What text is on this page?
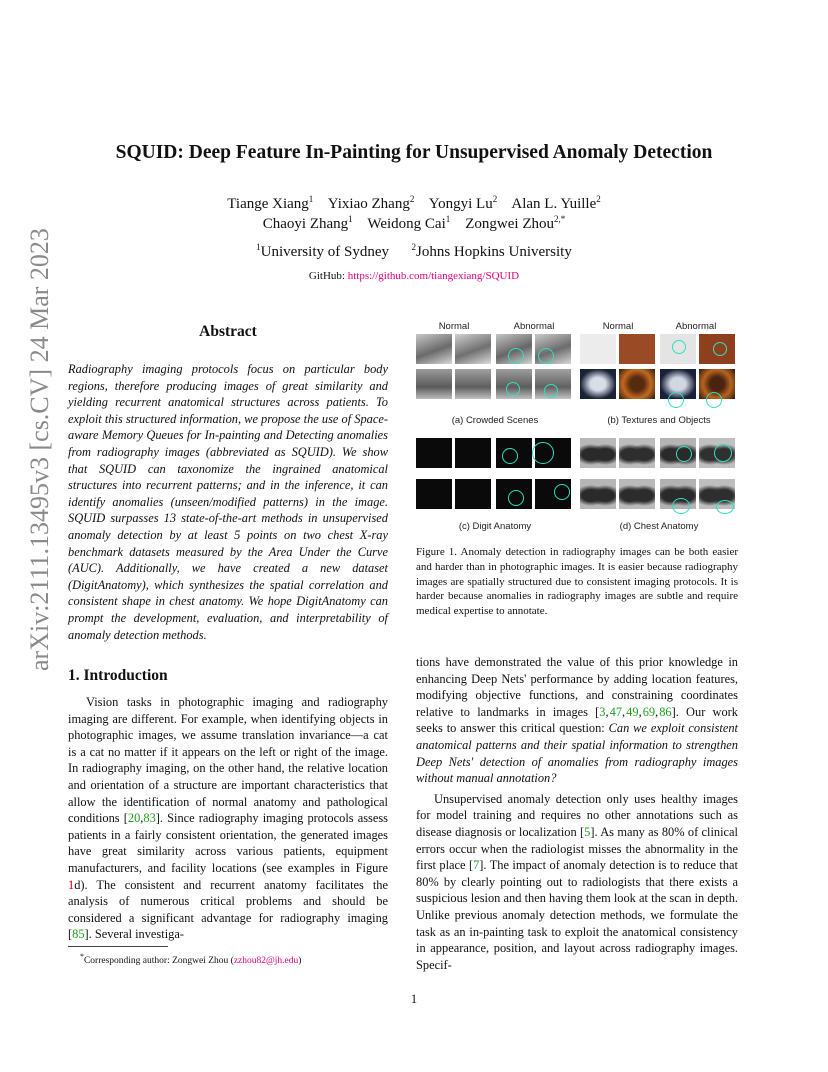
arXiv:2111.13495v3 [cs.CV] 24 Mar 2023
SQUID: Deep Feature In-Painting for Unsupervised Anomaly Detection
Tiange Xiang$^1$ Yixiao Zhang$^2$ Yongyi Lu$^2$ Alan L. Yuille$^2$
Chaoyi Zhang$^1$ Weidong Cai$^1$ Zongwei Zhou$^{2,*}$
$^1$University of Sydney	$^2$Johns Hopkins University
GitHub: https://github.com/tiangexiang/SQUID
Abstract
Radiography imaging protocols focus on particular body regions, therefore producing images of great similarity and yielding recurrent anatomical structures across patients. To exploit this structured information, we propose the use of Space-aware Memory Queues for In-painting and Detecting anomalies from radiography images (abbreviated as SQUID). We show that SQUID can taxonomize the ingrained anatomical structures into recurrent patterns; and in the inference, it can identify anomalies (unseen/modified patterns) in the image. SQUID surpasses 13 state-of-the-art methods in unsupervised anomaly detection by at least 5 points on two chest X-ray benchmark datasets measured by the Area Under the Curve (AUC). Additionally, we have created a new dataset (DigitAnatomy), which synthesizes the spatial correlation and consistent shape in chest anatomy. We hope DigitAnatomy can prompt the development, evaluation, and interpretability of anomaly detection methods.
Normal	Abnormal	Normal	Abnormal
(a) Crowded Scenes	(b) Textures and Objects
(c) Digit Anatomy	(d) Chest Anatomy
Figure 1. Anomaly detection in radiography images can be both easier and harder than in photographic images. It is easier because radiography images are spatially structured due to consistent imaging protocols. It is harder because anomalies in radiography images are subtle and require medical expertise to annotate.
1. Introduction
Vision tasks in photographic imaging and radiography imaging are different. For example, when identifying objects in photographic images, we assume translation invariance—a cat is a cat no matter if it appears on the left or right of the image. In radiography imaging, on the other hand, the relative location and orientation of a structure are important characteristics that allow the identification of normal anatomy and pathological conditions [20,83]. Since radiography imaging protocols assess patients in a fairly consistent orientation, the generated images have great similarity across various patients, equipment manufacturers, and facility locations (see examples in Figure 1d). The consistent and recurrent anatomy facilitates the analysis of numerous critical problems and should be considered a significant advantage for radiography imaging [85]. Several investiga-
tions have demonstrated the value of this prior knowledge in enhancing Deep Nets' performance by adding location features, modifying objective functions, and constraining coordinates relative to landmarks in images [3, 47, 49, 69, 86]. Our work seeks to answer this critical question: Can we exploit consistent anatomical patterns and their spatial information to strengthen Deep Nets' detection of anomalies from radiography images without manual annotation?
Unsupervised anomaly detection only uses healthy images for model training and requires no other annotations such as disease diagnosis or localization [5]. As many as 80% of clinical errors occur when the radiologist misses the abnormality in the first place [7]. The impact of anomaly detection is to reduce that 80% by clearly pointing out to radiologists that there exists a suspicious lesion and then having them look at the scan in depth. Unlike previous anomaly detection methods, we formulate the task as an in-painting task to exploit the anatomical consistency in appearance, position, and layout across radiography images. Specif-
*Corresponding author: Zongwei Zhou (zzhou82@jh.edu)
1
